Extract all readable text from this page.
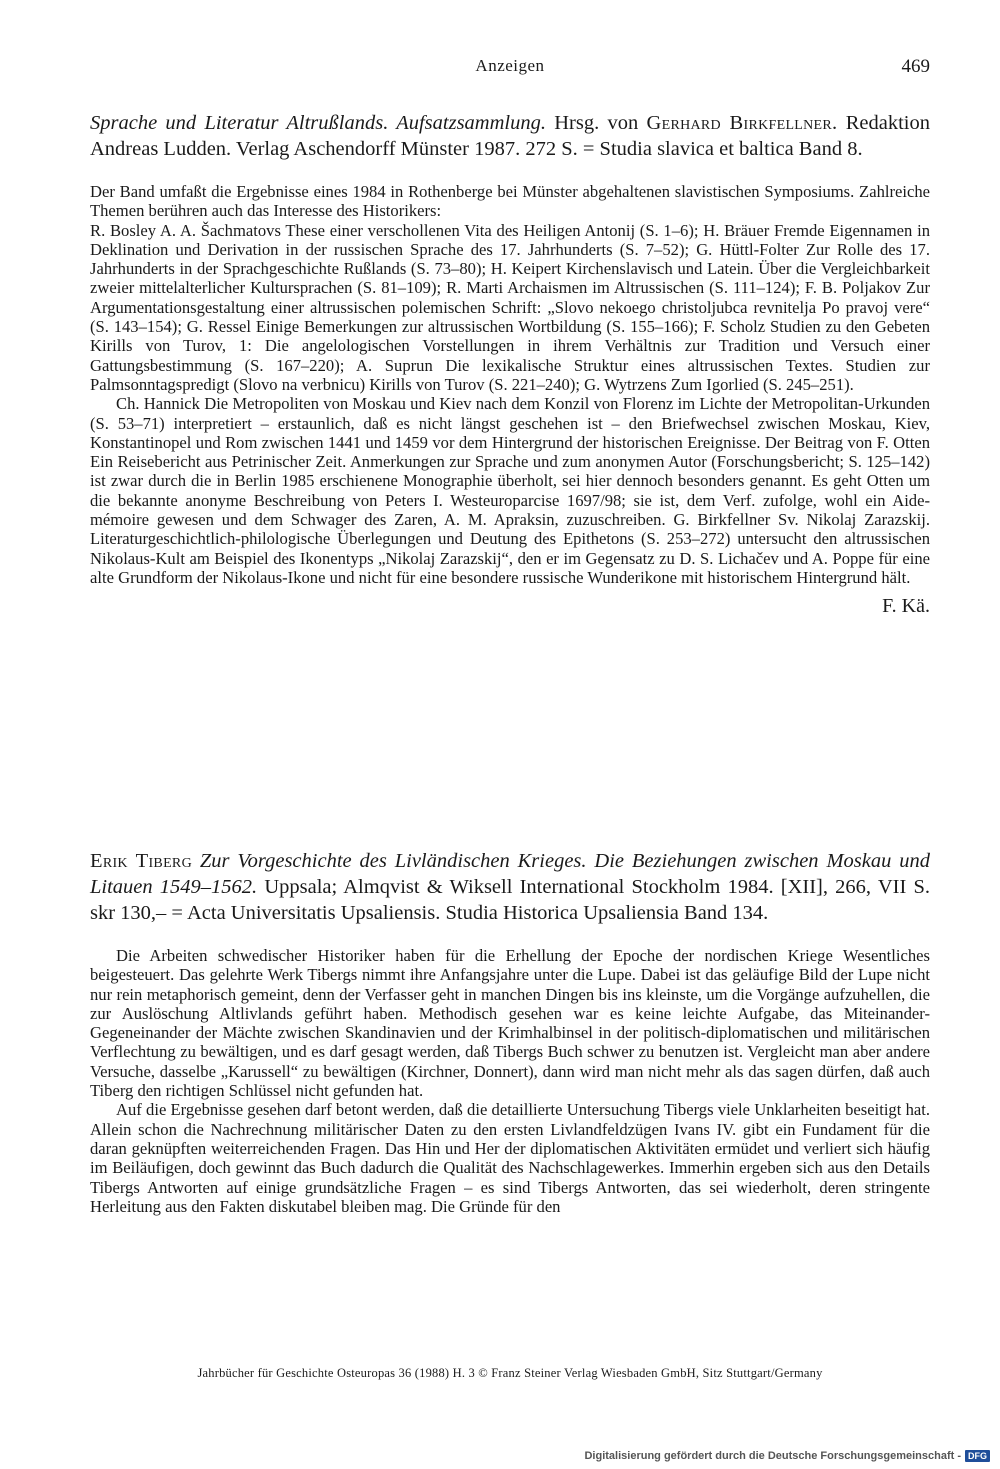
Anzeigen	469

Sprache und Literatur Altrußlands. Aufsatzsammlung. Hrsg. von Gerhard Birkfellner. Redaktion Andreas Ludden. Verlag Aschendorff Münster 1987. 272 S. = Studia slavica et baltica Band 8.

Der Band umfaßt die Ergebnisse eines 1984 in Rothenberge bei Münster abgehaltenen slavistischen Symposiums. Zahlreiche Themen berühren auch das Interesse des Historikers:

R. Bosley A. A. Šachmatovs These einer verschollenen Vita des Heiligen Antonij (S. 1–6); H. Bräuer Fremde Eigennamen in Deklination und Derivation in der russischen Sprache des 17. Jahrhunderts (S. 7–52); G. Hüttl-Folter Zur Rolle des 17. Jahrhunderts in der Sprachgeschichte Rußlands (S. 73–80); H. Keipert Kirchenslavisch und Latein. Über die Vergleichbarkeit zweier mittelalterlicher Kultursprachen (S. 81–109); R. Marti Archaismen im Altrussischen (S. 111–124); F. B. Poljakov Zur Argumentationsgestaltung einer altrussischen polemischen Schrift: „Slovo nekoego christoljubca revnitelja Po pravoj vere“ (S. 143–154); G. Ressel Einige Bemerkungen zur altrussischen Wortbildung (S. 155–166); F. Scholz Studien zu den Gebeten Kirills von Turov, 1: Die angelologischen Vorstellungen in ihrem Verhältnis zur Tradition und Versuch einer Gattungsbestimmung (S. 167–220); A. Suprun Die lexikalische Struktur eines altrussischen Textes. Studien zur Palmsonntagspredigt (Slovo na verbnicu) Kirills von Turov (S. 221–240); G. Wytrzens Zum Igorlied (S. 245–251).

Ch. Hannick Die Metropoliten von Moskau und Kiev nach dem Konzil von Florenz im Lichte der Metropolitan-Urkunden (S. 53–71) interpretiert – erstaunlich, daß es nicht längst geschehen ist – den Briefwechsel zwischen Moskau, Kiev, Konstantinopel und Rom zwischen 1441 und 1459 vor dem Hintergrund der historischen Ereignisse. Der Beitrag von F. Otten Ein Reisebericht aus Petrinischer Zeit. Anmerkungen zur Sprache und zum anonymen Autor (Forschungsbericht; S. 125–142) ist zwar durch die in Berlin 1985 erschienene Monographie überholt, sei hier dennoch besonders genannt. Es geht Otten um die bekannte anonyme Beschreibung von Peters I. Westeuroparcise 1697/98; sie ist, dem Verf. zufolge, wohl ein Aide-mémoire gewesen und dem Schwager des Zaren, A. M. Apraksin, zuzuschreiben. G. Birkfellner Sv. Nikolaj Zarazskij. Literaturgeschichtlich-philologische Überlegungen und Deutung des Epithetons (S. 253–272) untersucht den altrussischen Nikolaus-Kult am Beispiel des Ikonentyps „Nikolaj Zarazskij“, den er im Gegensatz zu D. S. Lichačev und A. Poppe für eine alte Grundform der Nikolaus-Ikone und nicht für eine besondere russische Wunderikone mit historischem Hintergrund hält.

F. Kä.

Erik Tiberg Zur Vorgeschichte des Livländischen Krieges. Die Beziehungen zwischen Moskau und Litauen 1549–1562. Uppsala; Almqvist & Wiksell International Stockholm 1984. [XII], 266, VII S. skr 130,– = Acta Universitatis Upsaliensis. Studia Historica Upsaliensia Band 134.

Die Arbeiten schwedischer Historiker haben für die Erhellung der Epoche der nordischen Kriege Wesentliches beigesteuert. Das gelehrte Werk Tibergs nimmt ihre Anfangsjahre unter die Lupe. Dabei ist das geläufige Bild der Lupe nicht nur rein metaphorisch gemeint, denn der Verfasser geht in manchen Dingen bis ins kleinste, um die Vorgänge aufzuhellen, die zur Auslöschung Altlivlands geführt haben. Methodisch gesehen war es keine leichte Aufgabe, das Miteinander-Gegeneinander der Mächte zwischen Skandinavien und der Krimhalbinsel in der politisch-diplomatischen und militärischen Verflechtung zu bewältigen, und es darf gesagt werden, daß Tibergs Buch schwer zu benutzen ist. Vergleicht man aber andere Versuche, dasselbe „Karussell“ zu bewältigen (Kirchner, Donnert), dann wird man nicht mehr als das sagen dürfen, daß auch Tiberg den richtigen Schlüssel nicht gefunden hat.

Auf die Ergebnisse gesehen darf betont werden, daß die detaillierte Untersuchung Tibergs viele Unklarheiten beseitigt hat. Allein schon die Nachrechnung militärischer Daten zu den ersten Livlandfeldzügen Ivans IV. gibt ein Fundament für die daran geknüpften weiterreichenden Fragen. Das Hin und Her der diplomatischen Aktivitäten ermüdet und verliert sich häufig im Beiläufigen, doch gewinnt das Buch dadurch die Qualität des Nachschlagewerkes. Immerhin ergeben sich aus den Details Tibergs Antworten auf einige grundsätzliche Fragen – es sind Tibergs Antworten, das sei wiederholt, deren stringente Herleitung aus den Fakten diskutabel bleiben mag. Die Gründe für den

Jahrbücher für Geschichte Osteuropas 36 (1988) H. 3 © Franz Steiner Verlag Wiesbaden GmbH, Sitz Stuttgart/Germany
Digitalisierung gefördert durch die Deutsche Forschungsgemeinschaft - DFG
